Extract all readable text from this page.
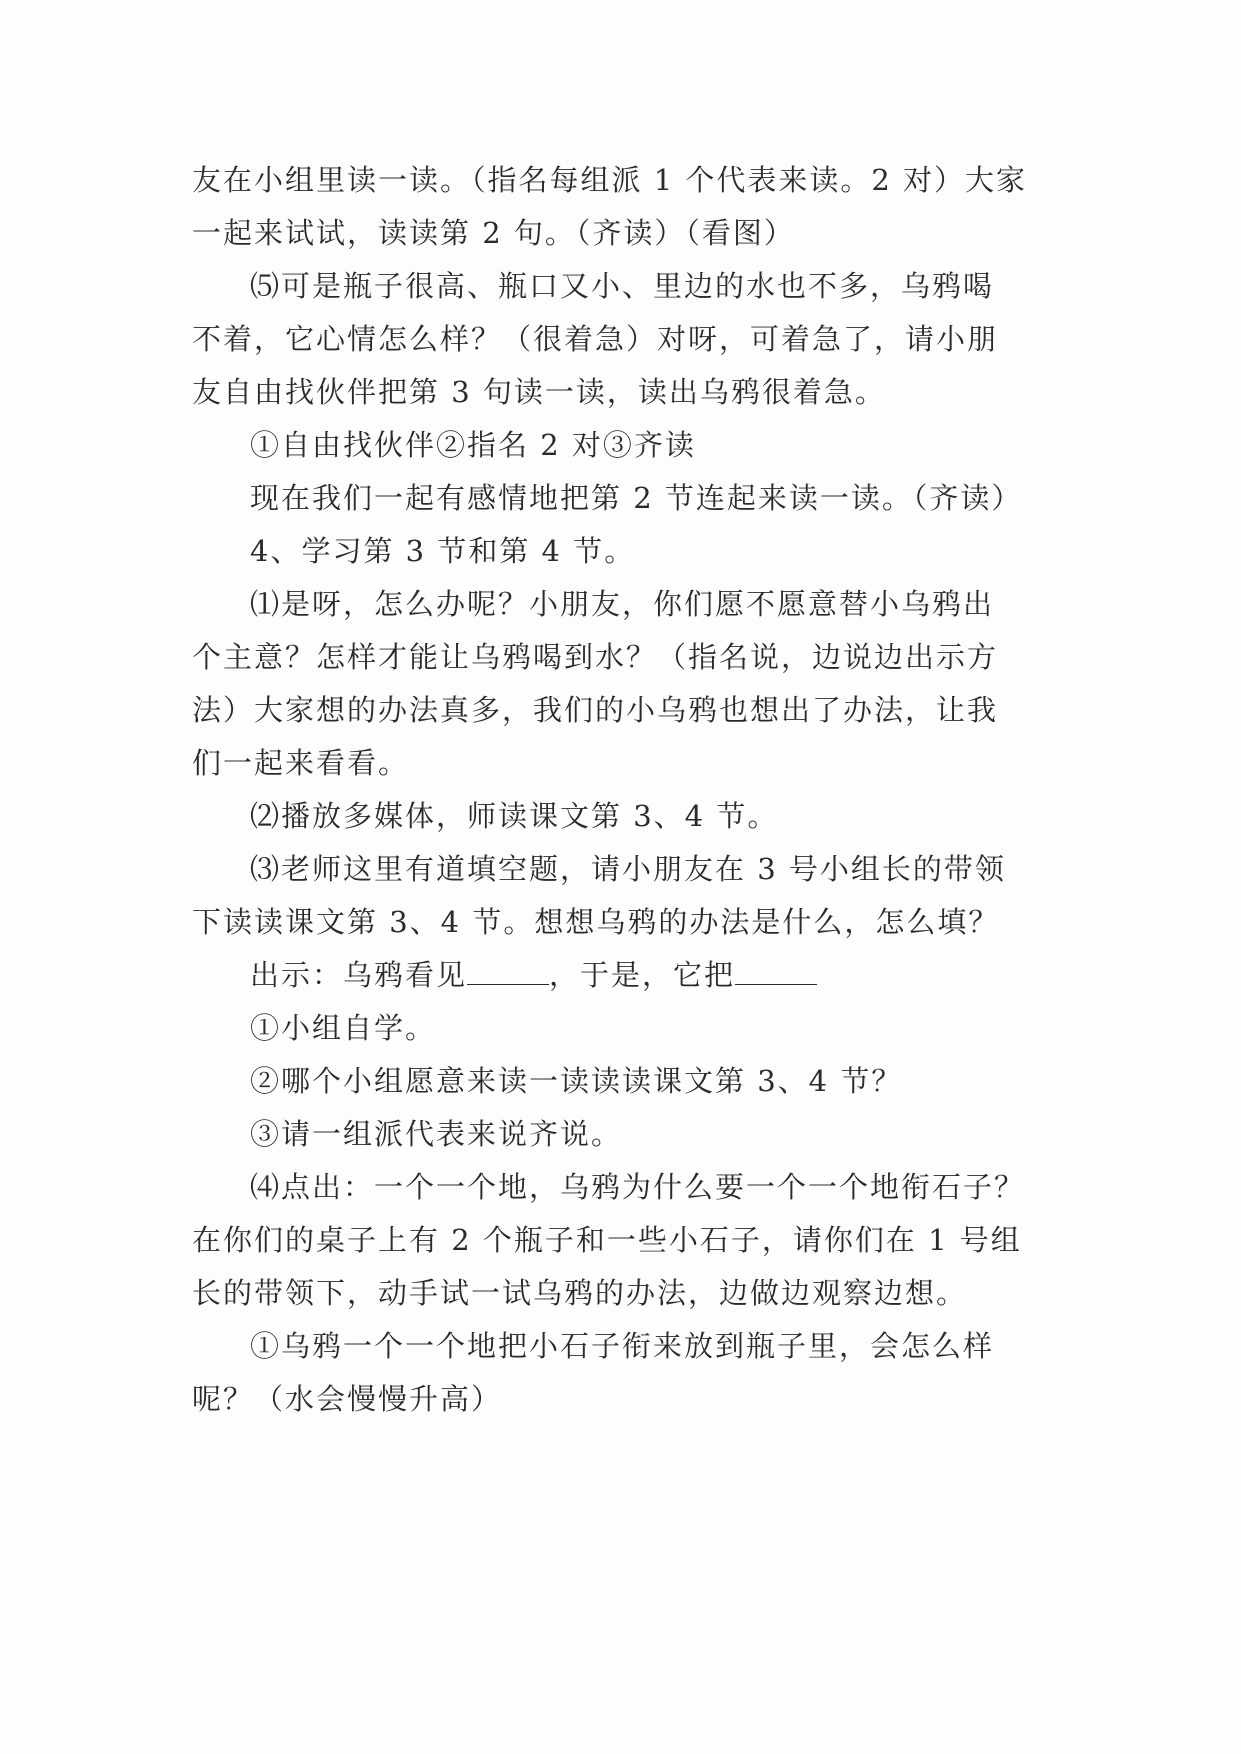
友在小组里读一读。（指名每组派 1 个代表来读。2 对）大家
一起来试试，读读第 2 句。（齐读）（看图）
⑸可是瓶子很高、瓶口又小、里边的水也不多，乌鸦喝
不着，它心情怎么样？（很着急）对呀，可着急了，请小朋
友自由找伙伴把第 3 句读一读，读出乌鸦很着急。
①自由找伙伴②指名 2 对③齐读
现在我们一起有感情地把第 2 节连起来读一读。（齐读）
4、学习第 3 节和第 4 节。
⑴是呀，怎么办呢？小朋友，你们愿不愿意替小乌鸦出
个主意？怎样才能让乌鸦喝到水？（指名说，边说边出示方
法）大家想的办法真多，我们的小乌鸦也想出了办法，让我
们一起来看看。
⑵播放多媒体，师读课文第 3、4 节。
⑶老师这里有道填空题，请小朋友在 3 号小组长的带领
下读读课文第 3、4 节。想想乌鸦的办法是什么，怎么填？
出示：乌鸦看见	，于是，它把
①小组自学。
②哪个小组愿意来读一读读读课文第 3、4 节？
③请一组派代表来说齐说。
⑷点出：一个一个地，乌鸦为什么要一个一个地衔石子？
在你们的桌子上有 2 个瓶子和一些小石子，请你们在 1 号组
长的带领下，动手试一试乌鸦的办法，边做边观察边想。
①乌鸦一个一个地把小石子衔来放到瓶子里，会怎么样
呢？（水会慢慢升高）
